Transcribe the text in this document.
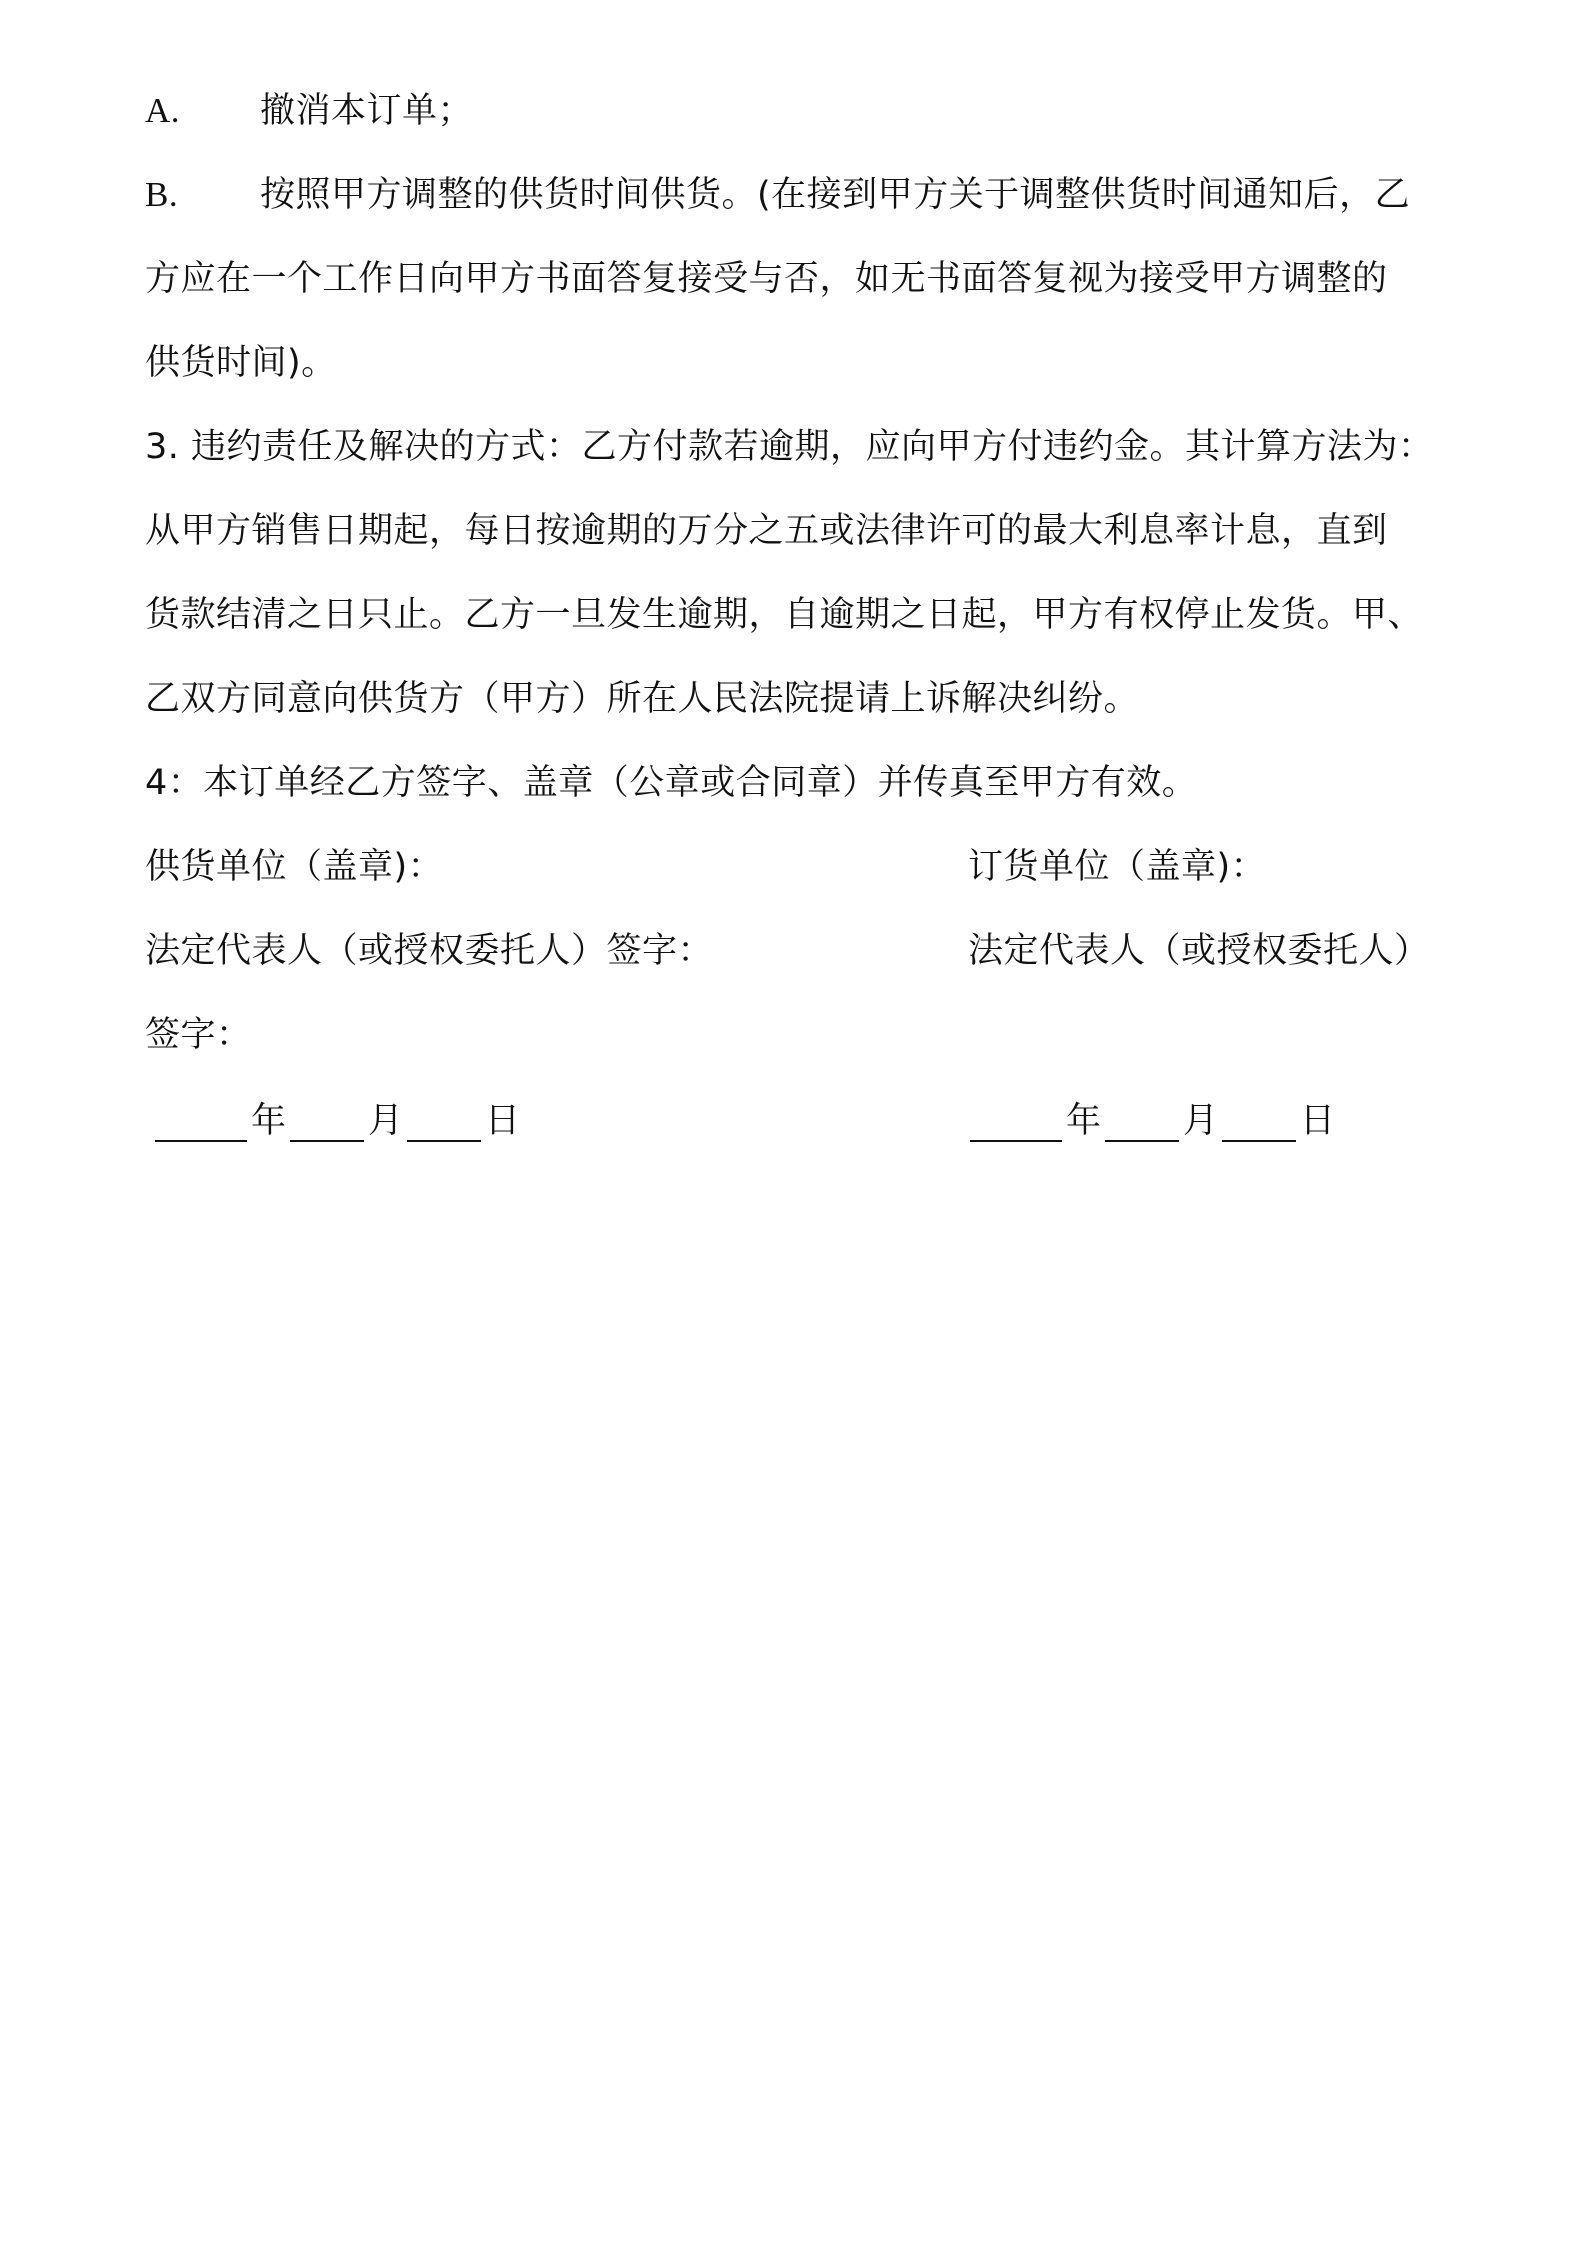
A. 撤消本订单；
B. 按照甲方调整的供货时间供货。(在接到甲方关于调整供货时间通知后，乙
方应在一个工作日向甲方书面答复接受与否，如无书面答复视为接受甲方调整的
供货时间)。
3. 违约责任及解决的方式：乙方付款若逾期，应向甲方付违约金。其计算方法为：
从甲方销售日期起，每日按逾期的万分之五或法律许可的最大利息率计息，直到
货款结清之日只止。乙方一旦发生逾期，自逾期之日起，甲方有权停止发货。甲、
乙双方同意向供货方（甲方）所在人民法院提请上诉解决纠纷。
4：本订单经乙方签字、盖章（公章或合同章）并传真至甲方有效。
供货单位（盖章)：	订货单位（盖章)：
法定代表人（或授权委托人）签字：	法定代表人（或授权委托人）
签字：
年 月 日	年 月 日
